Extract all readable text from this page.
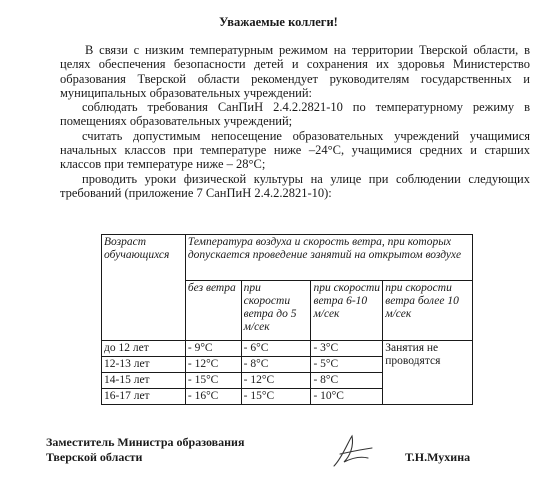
Уважаемые коллеги!

В связи с низким температурным режимом на территории Тверской области, в целях обеспечения безопасности детей и сохранения их здоровья Министерство образования Тверской области рекомендует руководителям государственных и муниципальных образовательных учреждений:

соблюдать требования СанПиН 2.4.2.2821-10 по температурному режиму в помещениях образовательных учреждений;

считать допустимым непосещение образовательных учреждений учащимися начальных классов при температуре ниже –24°С, учащимися средних и старших классов при температуре ниже – 28°С;

проводить уроки физической культуры на улице при соблюдении следующих требований (приложение 7 СанПиН 2.4.2.2821-10):

Возраст обучающихся	Температура воздуха и скорость ветра, при которых допускается проведение занятий на открытом воздухе			
	без ветра	при скорости ветра до 5 м/сек	при скорости ветра 6-10 м/сек	при скорости ветра более 10 м/сек
до 12 лет	- 9°С	- 6°С	- 3°С	Занятия не проводятся
12-13 лет	- 12°С	- 8°С	- 5°С	
14-15 лет	- 15°С	- 12°С	- 8°С	
16-17 лет	- 16°С	- 15°С	- 10°С	
Заместитель Министра образования
Тверской области	Т.Н.Мухина
